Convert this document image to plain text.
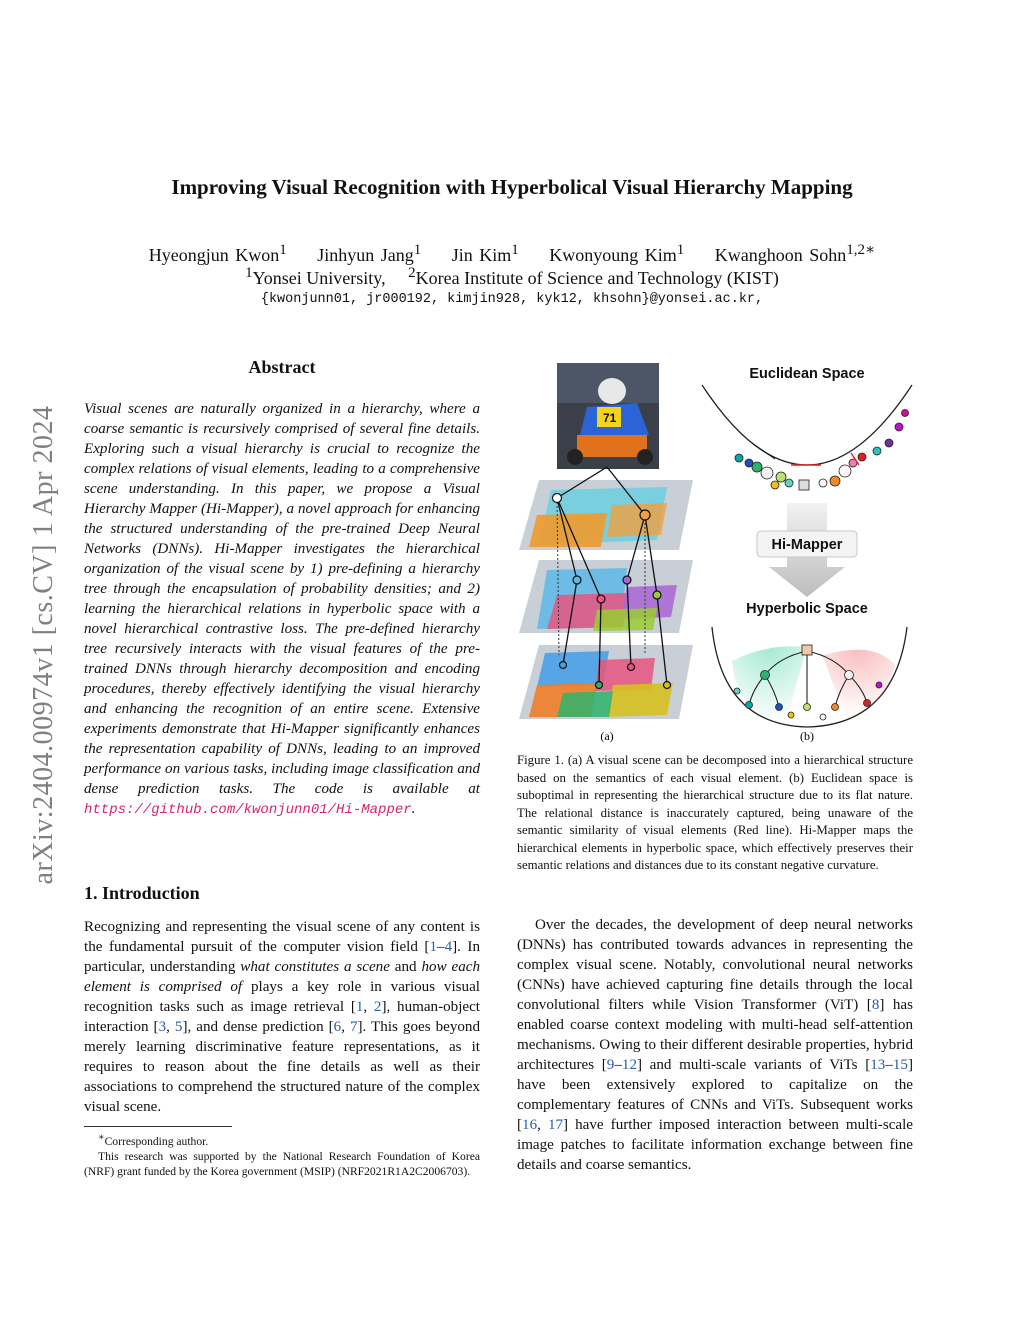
Improving Visual Recognition with Hyperbolical Visual Hierarchy Mapping
Hyeongjun Kwon$^1$ Jinhyun Jang$^1$ Jin Kim$^1$ Kwonyoung Kim$^1$ Kwanghoon Sohn$^{1,2∗}$
$^1$Yonsei University, $^2$Korea Institute of Science and Technology (KIST)
{kwonjunn01, jr000192, kimjin928, kyk12, khsohn}@yonsei.ac.kr,
arXiv:2404.00974v1 [cs.CV] 1 Apr 2024
Abstract
Visual scenes are naturally organized in a hierarchy, where a coarse semantic is recursively comprised of several fine details. Exploring such a visual hierarchy is crucial to recognize the complex relations of visual elements, leading to a comprehensive scene understanding. In this paper, we propose a Visual Hierarchy Mapper (Hi-Mapper), a novel approach for enhancing the structured understanding of the pre-trained Deep Neural Networks (DNNs). Hi-Mapper investigates the hierarchical organization of the visual scene by 1) pre-defining a hierarchy tree through the encapsulation of probability densities; and 2) learning the hierarchical relations in hyperbolic space with a novel hierarchical contrastive loss. The pre-defined hierarchy tree recursively interacts with the visual features of the pre-trained DNNs through hierarchy decomposition and encoding procedures, thereby effectively identifying the visual hierarchy and enhancing the recognition of an entire scene. Extensive experiments demonstrate that Hi-Mapper significantly enhances the representation capability of DNNs, leading to an improved performance on various tasks, including image classification and dense prediction tasks. The code is available at https://github.com/kwonjunn01/Hi-Mapper.
1. Introduction
Recognizing and representing the visual scene of any content is the fundamental pursuit of the computer vision field [1–4]. In particular, understanding what constitutes a scene and how each element is comprised of plays a key role in various visual recognition tasks such as image retrieval [1, 2], human-object interaction [3, 5], and dense prediction [6, 7]. This goes beyond merely learning discriminative feature representations, as it requires to reason about the fine details as well as their associations to comprehend the structured nature of the complex visual scene.
∗Corresponding author.
This research was supported by the National Research Foundation of Korea (NRF) grant funded by the Korea government (MSIP) (NRF2021R1A2C2006703).
71
Euclidean Space
Hi-Mapper
Hyperbolic Space
(a)	(b)
Figure 1. (a) A visual scene can be decomposed into a hierarchical structure based on the semantics of each visual element. (b) Euclidean space is suboptimal in representing the hierarchical structure due to its flat nature. The relational distance is inaccurately captured, being unaware of the semantic similarity of visual elements (Red line). Hi-Mapper maps the hierarchical elements in hyperbolic space, which effectively preserves their semantic relations and distances due to its constant negative curvature.
Over the decades, the development of deep neural networks (DNNs) has contributed towards advances in representing the complex visual scene. Notably, convolutional neural networks (CNNs) have achieved capturing fine details through the local convolutional filters while Vision Transformer (ViT) [8] has enabled coarse context modeling with multi-head self-attention mechanisms. Owing to their different desirable properties, hybrid architectures [9–12] and multi-scale variants of ViTs [13–15] have been extensively explored to capitalize on the complementary features of CNNs and ViTs. Subsequent works [16, 17] have further imposed interaction between multi-scale image patches to facilitate information exchange between fine details and coarse semantics.
